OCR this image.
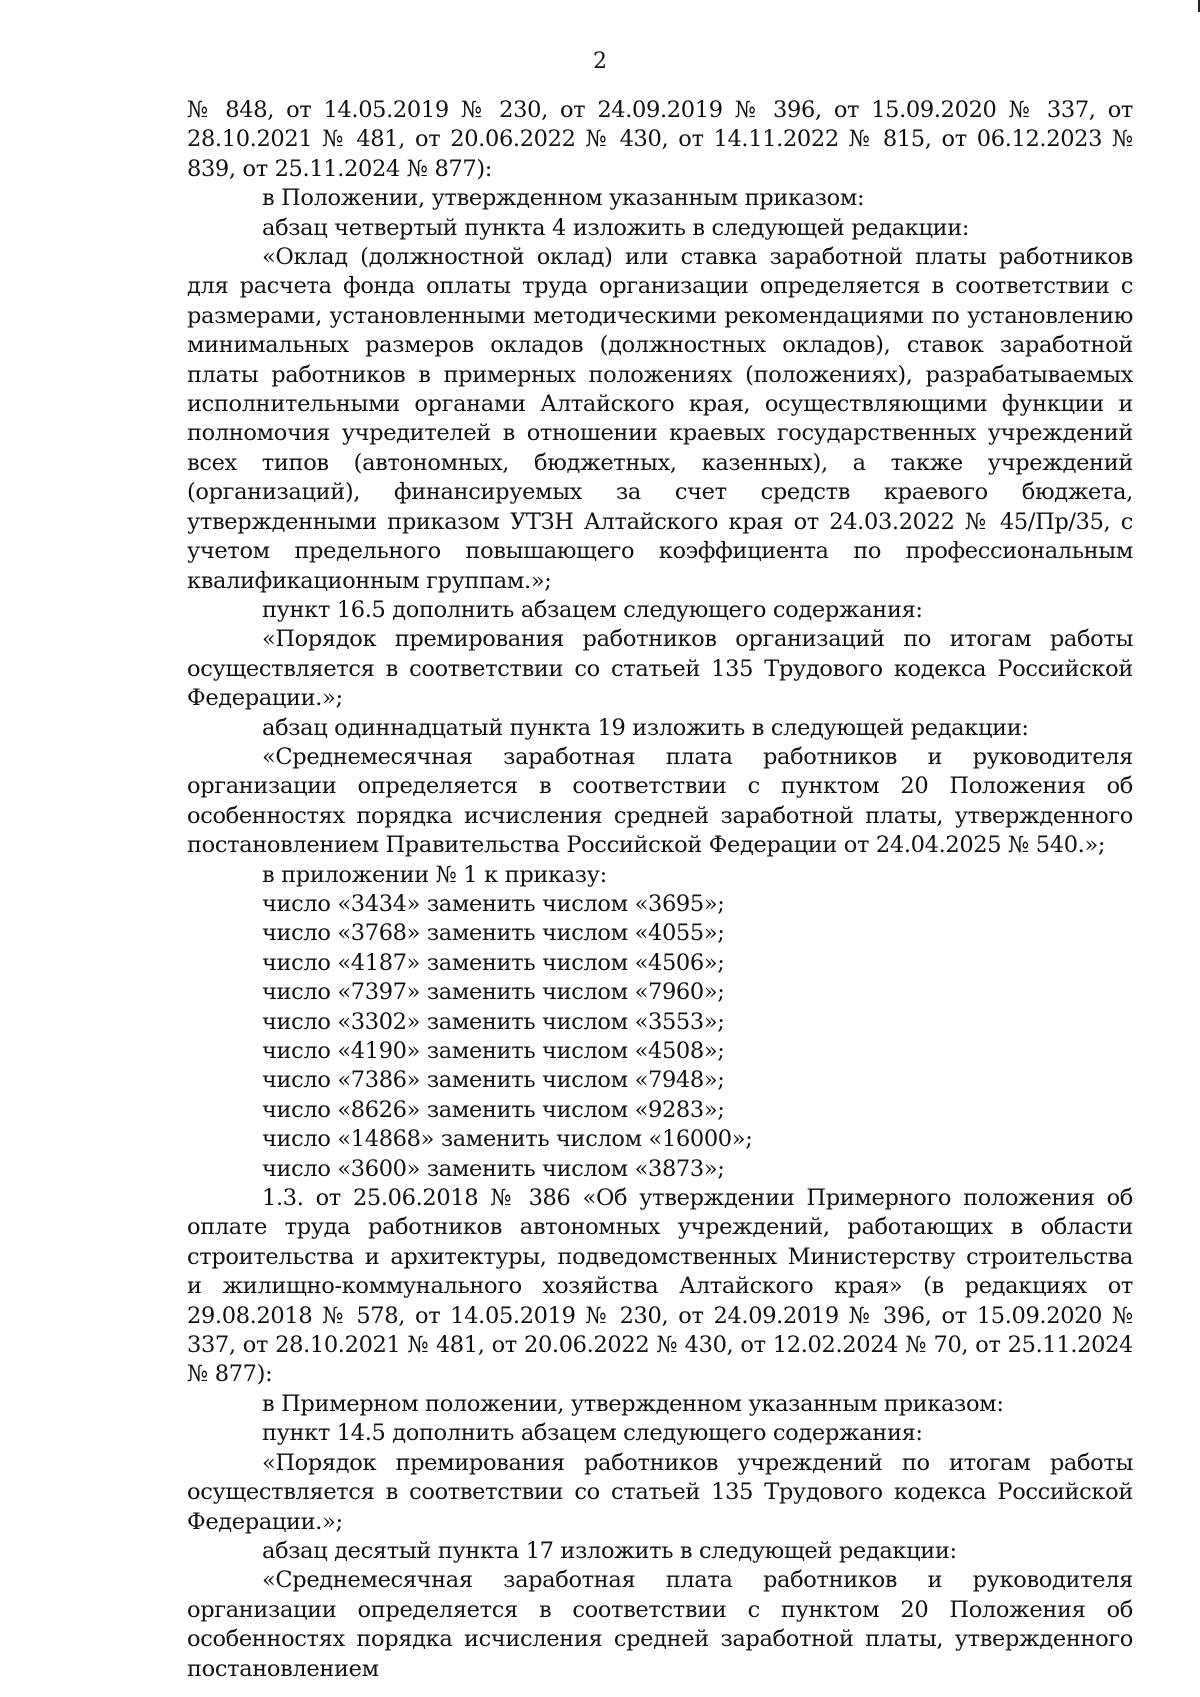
2

№ 848, от 14.05.2019 № 230, от 24.09.2019 № 396, от 15.09.2020 № 337, от 28.10.2021 № 481, от 20.06.2022 № 430, от 14.11.2022 № 815, от 06.12.2023 № 839, от 25.11.2024 № 877):

в Положении, утвержденном указанным приказом:

абзац четвертый пункта 4 изложить в следующей редакции:

«Оклад (должностной оклад) или ставка заработной платы работников для расчета фонда оплаты труда организации определяется в соответствии с размерами, установленными методическими рекомендациями по установлению минимальных размеров окладов (должностных окладов), ставок заработной платы работников в примерных положениях (положениях), разрабатываемых исполнительными органами Алтайского края, осуществляющими функции и полномочия учредителей в отношении краевых государственных учреждений всех типов (автономных, бюджетных, казенных), а также учреждений (организаций), финансируемых за счет средств краевого бюджета, утвержденными приказом УТЗН Алтайского края от 24.03.2022 № 45/Пр/35, с учетом предельного повышающего коэффициента по профессиональным квалификационным группам.»;

пункт 16.5 дополнить абзацем следующего содержания:

«Порядок премирования работников организаций по итогам работы осуществляется в соответствии со статьей 135 Трудового кодекса Российской Федерации.»;

абзац одиннадцатый пункта 19 изложить в следующей редакции:

«Среднемесячная заработная плата работников и руководителя организации определяется в соответствии с пунктом 20 Положения об особенностях порядка исчисления средней заработной платы, утвержденного постановлением Правительства Российской Федерации от 24.04.2025 № 540.»;

в приложении № 1 к приказу:

число «3434» заменить числом «3695»;

число «3768» заменить числом «4055»;

число «4187» заменить числом «4506»;

число «7397» заменить числом «7960»;

число «3302» заменить числом «3553»;

число «4190» заменить числом «4508»;

число «7386» заменить числом «7948»;

число «8626» заменить числом «9283»;

число «14868» заменить числом «16000»;

число «3600» заменить числом «3873»;

1.3. от 25.06.2018 № 386 «Об утверждении Примерного положения об оплате труда работников автономных учреждений, работающих в области строительства и архитектуры, подведомственных Министерству строительства и жилищно-коммунального хозяйства Алтайского края» (в редакциях от 29.08.2018 № 578, от 14.05.2019 № 230, от 24.09.2019 № 396, от 15.09.2020 № 337, от 28.10.2021 № 481, от 20.06.2022 № 430, от 12.02.2024 № 70, от 25.11.2024 № 877):

в Примерном положении, утвержденном указанным приказом:

пункт 14.5 дополнить абзацем следующего содержания:

«Порядок премирования работников учреждений по итогам работы осуществляется в соответствии со статьей 135 Трудового кодекса Российской Федерации.»;

абзац десятый пункта 17 изложить в следующей редакции:

«Среднемесячная заработная плата работников и руководителя организации определяется в соответствии с пунктом 20 Положения об особенностях порядка исчисления средней заработной платы, утвержденного постановлением
